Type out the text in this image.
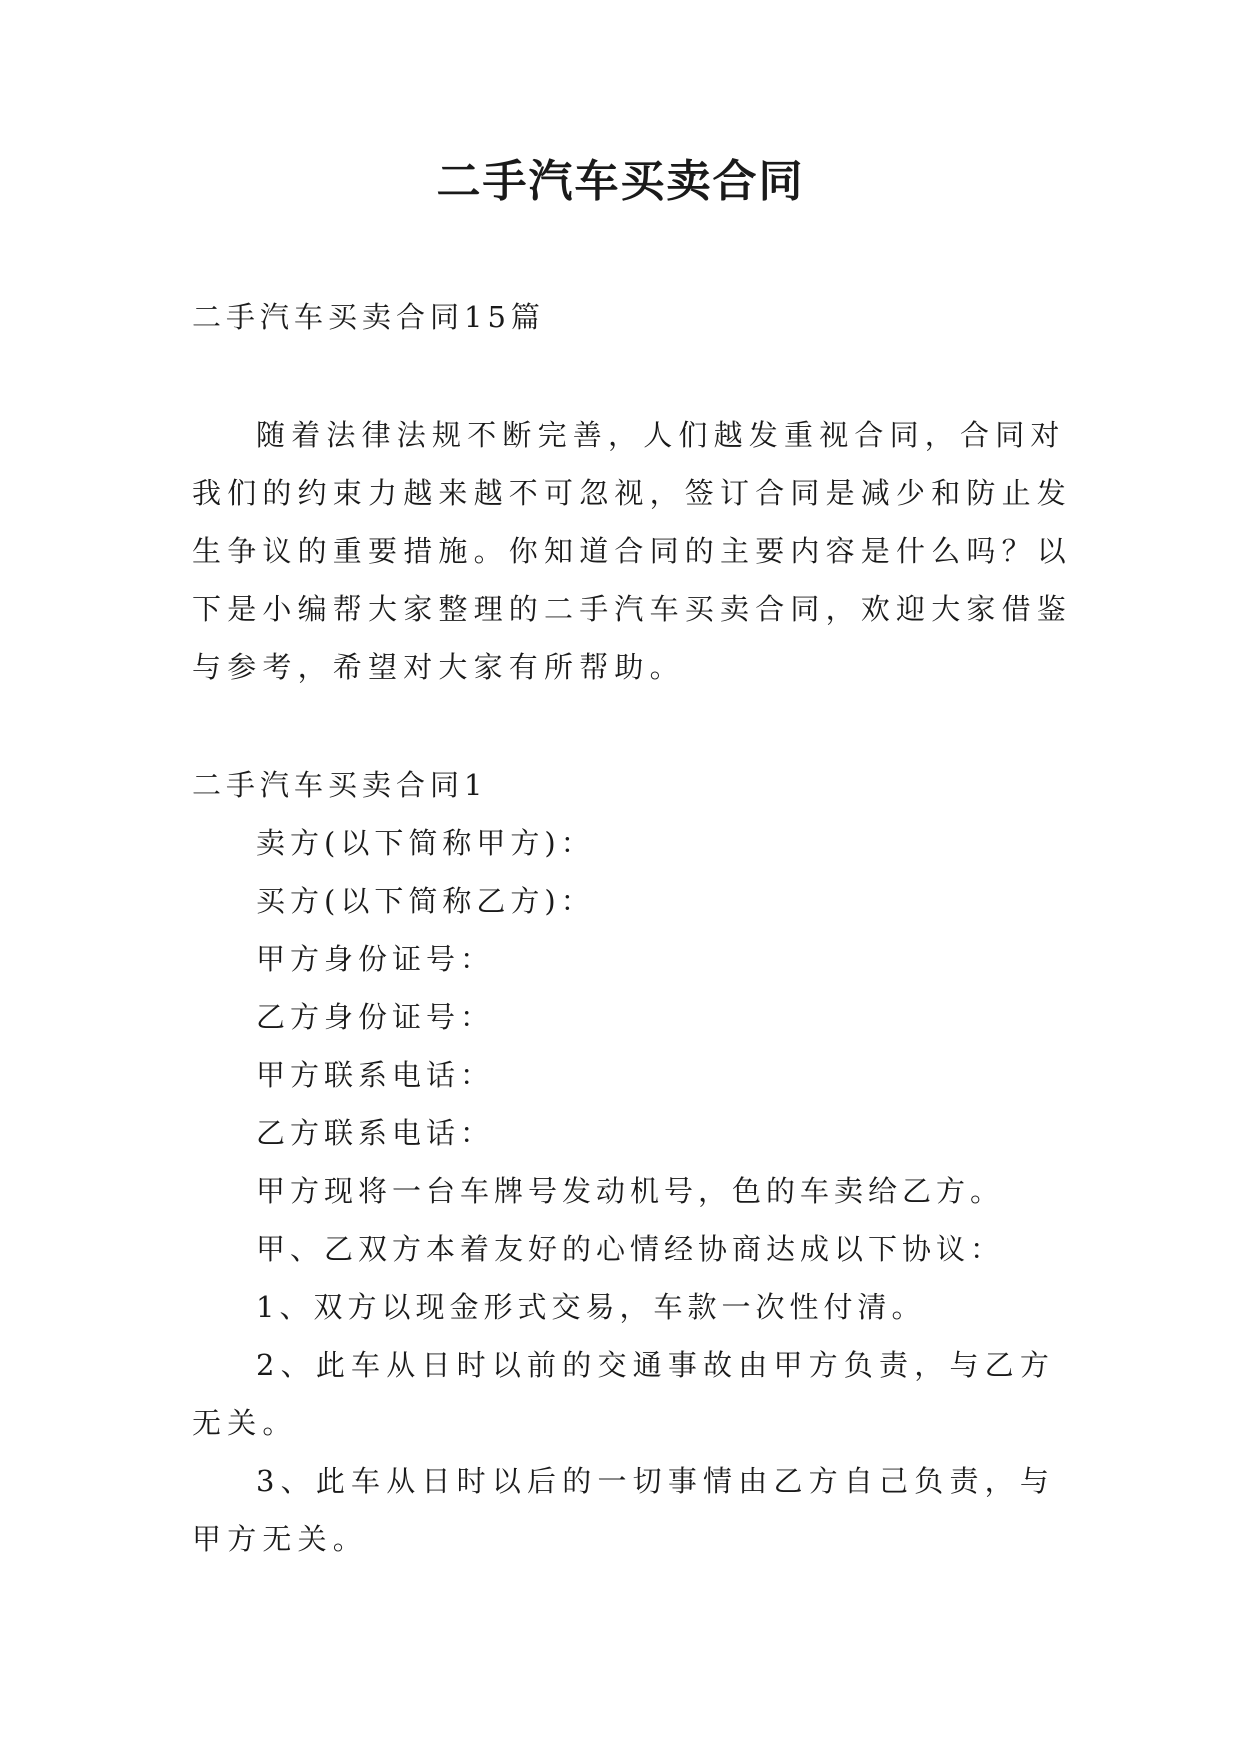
二手汽车买卖合同

二手汽车买卖合同15篇

随着法律法规不断完善，人们越发重视合同，合同对我们的约束力越来越不可忽视，签订合同是减少和防止发生争议的重要措施。你知道合同的主要内容是什么吗？以下是小编帮大家整理的二手汽车买卖合同，欢迎大家借鉴与参考，希望对大家有所帮助。

二手汽车买卖合同1

卖方(以下简称甲方)：
买方(以下简称乙方)：
甲方身份证号：
乙方身份证号：
甲方联系电话：
乙方联系电话：
甲方现将一台车牌号发动机号，色的车卖给乙方。
甲、乙双方本着友好的心情经协商达成以下协议：
1、双方以现金形式交易，车款一次性付清。
2、此车从日时以前的交通事故由甲方负责，与乙方无关。
3、此车从日时以后的一切事情由乙方自己负责，与甲方无关。
